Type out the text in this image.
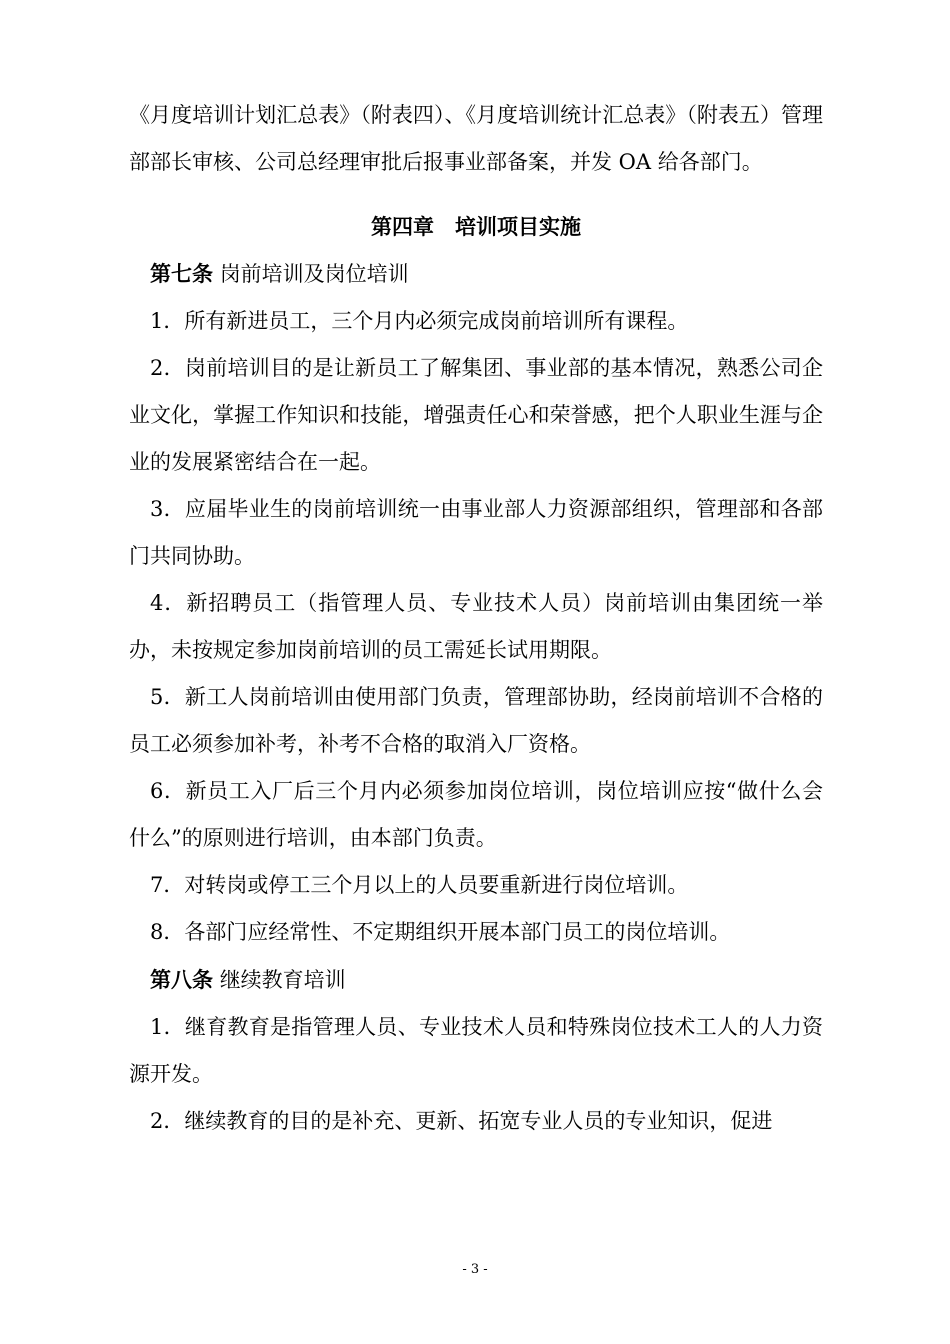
《月度培训计划汇总表》（附表四）、《月度培训统计汇总表》（附表五）管理部部长审核、公司总经理审批后报事业部备案，并发 OA 给各部门。

第四章　培训项目实施

第七条 岗前培训及岗位培训

1．所有新进员工，三个月内必须完成岗前培训所有课程。

2．岗前培训目的是让新员工了解集团、事业部的基本情况，熟悉公司企业文化，掌握工作知识和技能，增强责任心和荣誉感，把个人职业生涯与企业的发展紧密结合在一起。

3．应届毕业生的岗前培训统一由事业部人力资源部组织，管理部和各部门共同协助。

4．新招聘员工（指管理人员、专业技术人员）岗前培训由集团统一举办，未按规定参加岗前培训的员工需延长试用期限。

5．新工人岗前培训由使用部门负责，管理部协助，经岗前培训不合格的员工必须参加补考，补考不合格的取消入厂资格。

6．新员工入厂后三个月内必须参加岗位培训，岗位培训应按“做什么会什么”的原则进行培训，由本部门负责。

7．对转岗或停工三个月以上的人员要重新进行岗位培训。

8．各部门应经常性、不定期组织开展本部门员工的岗位培训。

第八条 继续教育培训

1．继育教育是指管理人员、专业技术人员和特殊岗位技术工人的人力资源开发。

2．继续教育的目的是补充、更新、拓宽专业人员的专业知识，促进

- 3 -
